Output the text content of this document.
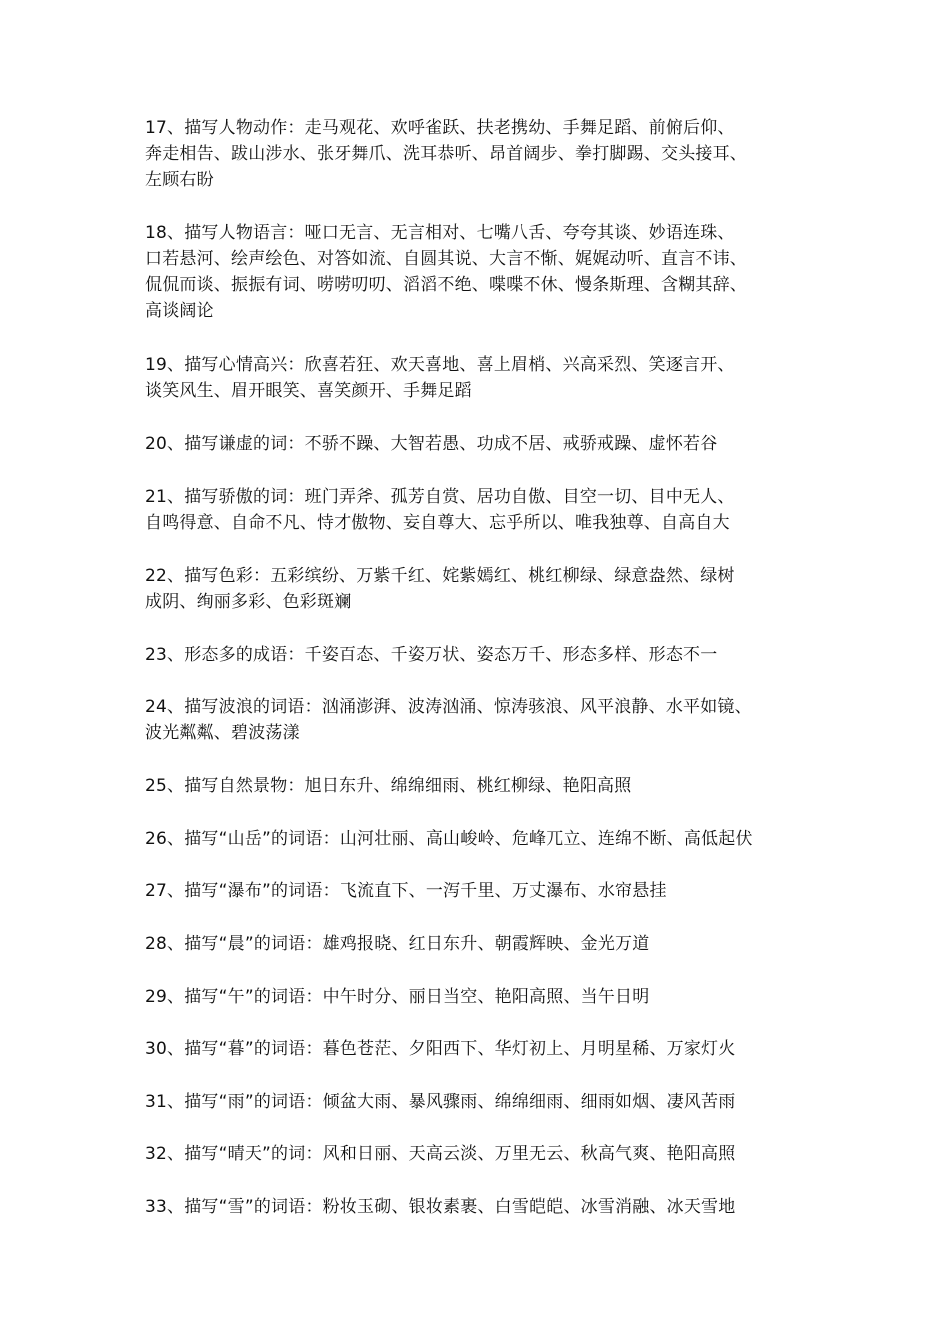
17、描写人物动作：走马观花、欢呼雀跃、扶老携幼、手舞足蹈、前俯后仰、
奔走相告、跋山涉水、张牙舞爪、洗耳恭听、昂首阔步、拳打脚踢、交头接耳、
左顾右盼
18、描写人物语言：哑口无言、无言相对、七嘴八舌、夸夸其谈、妙语连珠、
口若悬河、绘声绘色、对答如流、自圆其说、大言不惭、娓娓动听、直言不讳、
侃侃而谈、振振有词、唠唠叨叨、滔滔不绝、喋喋不休、慢条斯理、含糊其辞、
高谈阔论
19、描写心情高兴：欣喜若狂、欢天喜地、喜上眉梢、兴高采烈、笑逐言开、
谈笑风生、眉开眼笑、喜笑颜开、手舞足蹈
20、描写谦虚的词：不骄不躁、大智若愚、功成不居、戒骄戒躁、虚怀若谷
21、描写骄傲的词：班门弄斧、孤芳自赏、居功自傲、目空一切、目中无人、
自鸣得意、自命不凡、恃才傲物、妄自尊大、忘乎所以、唯我独尊、自高自大
22、描写色彩：五彩缤纷、万紫千红、姹紫嫣红、桃红柳绿、绿意盎然、绿树
成阴、绚丽多彩、色彩斑斓
23、形态多的成语：千姿百态、千姿万状、姿态万千、形态多样、形态不一
24、描写波浪的词语：汹涌澎湃、波涛汹涌、惊涛骇浪、风平浪静、水平如镜、
波光粼粼、碧波荡漾
25、描写自然景物：旭日东升、绵绵细雨、桃红柳绿、艳阳高照
26、描写“山岳”的词语：山河壮丽、高山峻岭、危峰兀立、连绵不断、高低起伏
27、描写“瀑布”的词语：飞流直下、一泻千里、万丈瀑布、水帘悬挂
28、描写“晨”的词语：雄鸡报晓、红日东升、朝霞辉映、金光万道
29、描写“午”的词语：中午时分、丽日当空、艳阳高照、当午日明
30、描写“暮”的词语：暮色苍茫、夕阳西下、华灯初上、月明星稀、万家灯火
31、描写“雨”的词语：倾盆大雨、暴风骤雨、绵绵细雨、细雨如烟、凄风苦雨
32、描写“晴天”的词：风和日丽、天高云淡、万里无云、秋高气爽、艳阳高照
33、描写“雪”的词语：粉妆玉砌、银妆素裹、白雪皑皑、冰雪消融、冰天雪地
